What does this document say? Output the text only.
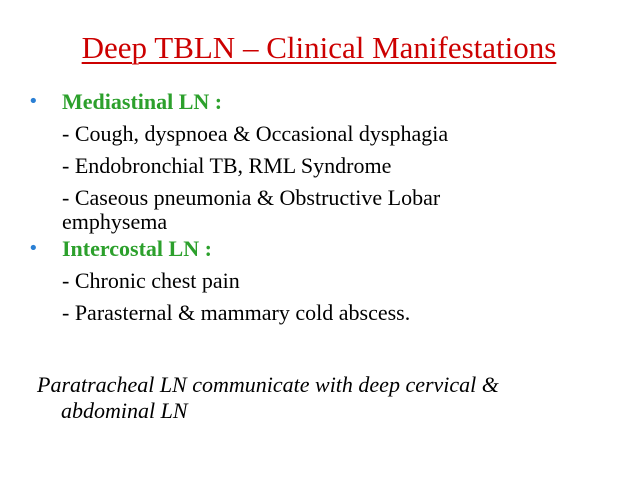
Deep TBLN – Clinical Manifestations
• Mediastinal LN :
- Cough, dyspnoea & Occasional dysphagia
- Endobronchial TB, RML Syndrome
- Caseous pneumonia & Obstructive Lobar
emphysema
• Intercostal LN :
- Chronic chest pain
- Parasternal & mammary cold abscess.
Paratracheal LN communicate with deep cervical &
abdominal LN
